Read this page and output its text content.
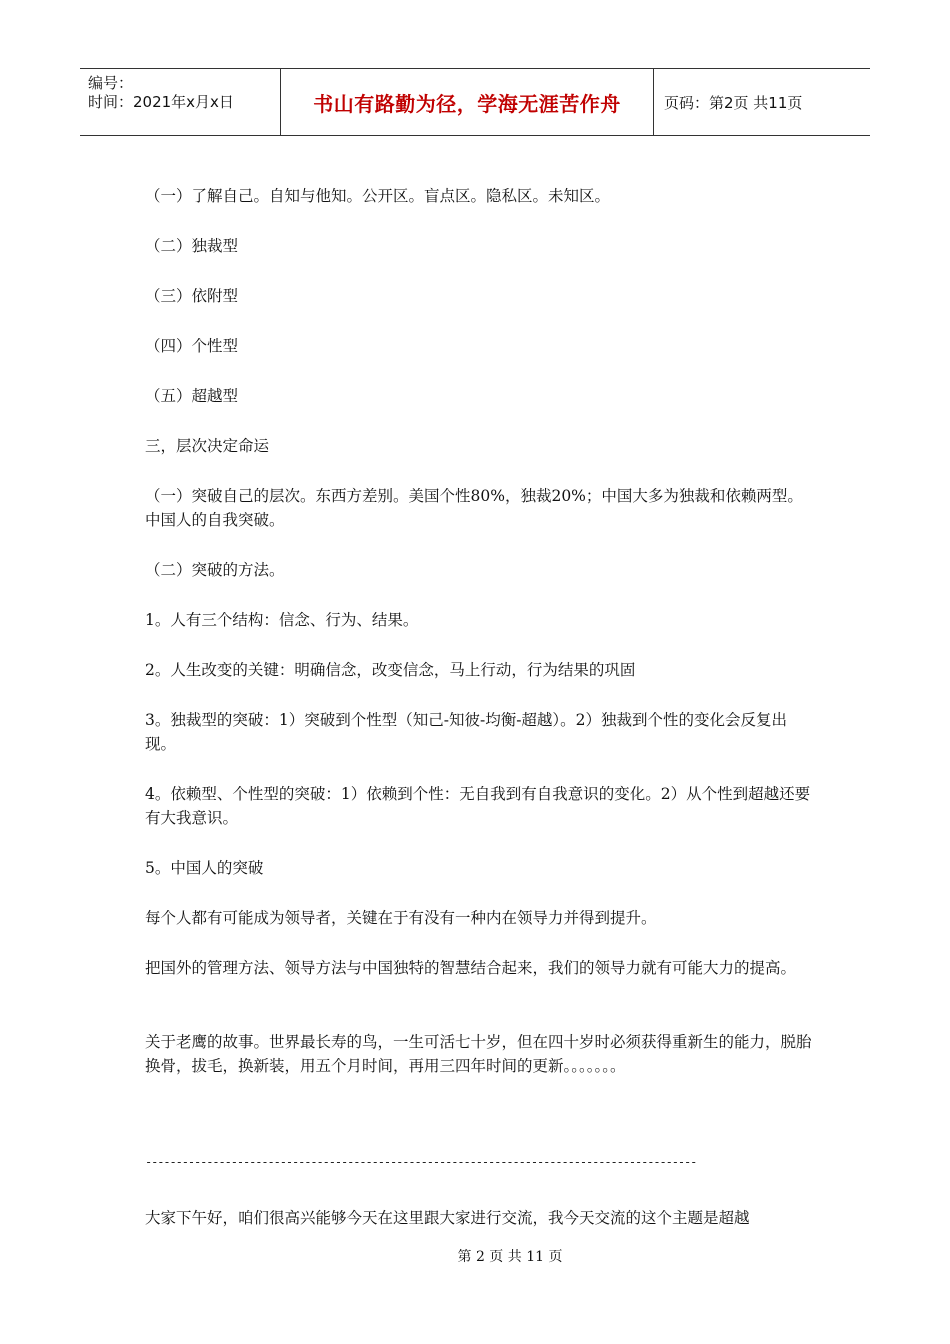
编号：
时间：2021年x月x日	书山有路勤为径，学海无涯苦作舟	页码：第2页 共11页
（一）了解自己。自知与他知。公开区。盲点区。隐私区。未知区。
（二）独裁型
（三）依附型
（四）个性型
（五）超越型
三，层次决定命运
（一）突破自己的层次。东西方差别。美国个性80%，独裁20%；中国大多为独裁和依赖两型。中国人的自我突破。
（二）突破的方法。
1。人有三个结构：信念、行为、结果。
2。人生改变的关键：明确信念，改变信念，马上行动，行为结果的巩固
3。独裁型的突破：1）突破到个性型（知己-知彼-均衡-超越）。2）独裁到个性的变化会反复出现。
4。依赖型、个性型的突破：1）依赖到个性：无自我到有自我意识的变化。2）从个性到超越还要有大我意识。
5。中国人的突破
每个人都有可能成为领导者，关键在于有没有一种内在领导力并得到提升。
把国外的管理方法、领导方法与中国独特的智慧结合起来，我们的领导力就有可能大力的提高。
关于老鹰的故事。世界最长寿的鸟，一生可活七十岁，但在四十岁时必须获得重新生的能力，脱胎换骨，拔毛，换新装，用五个月时间，再用三四年时间的更新。。。。。。。
------------------------------------------------------------------------------------------
大家下午好，咱们很高兴能够今天在这里跟大家进行交流，我今天交流的这个主题是超越
第 2 页 共 11 页
